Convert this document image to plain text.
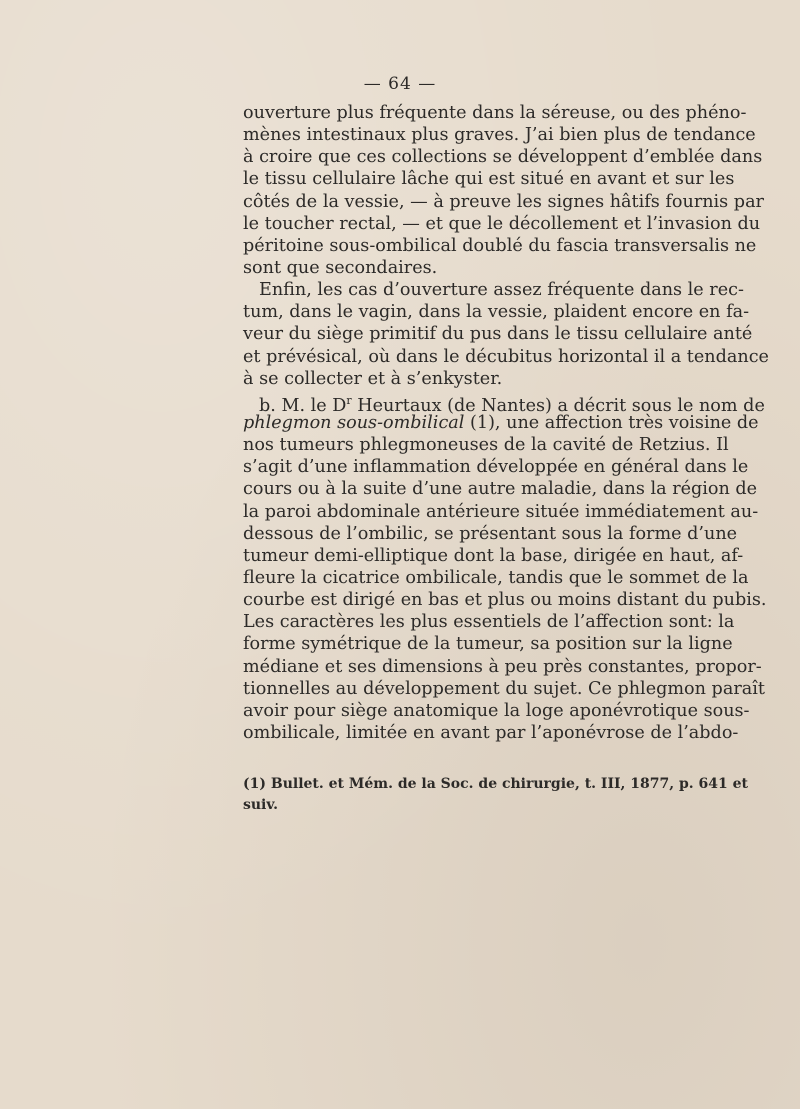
— 64 —
ouverture plus fréquente dans la séreuse, ou des phéno-
mènes intestinaux plus graves. J’ai bien plus de tendance
à croire que ces collections se développent d’emblée dans
le tissu cellulaire lâche qui est situé en avant et sur les
côtés de la vessie, — à preuve les signes hâtifs fournis par
le toucher rectal, — et que le décollement et l’invasion du
péritoine sous-ombilical doublé du fascia transversalis ne
sont que secondaires.
Enfin, les cas d’ouverture assez fréquente dans le rec-
tum, dans le vagin, dans la vessie, plaident encore en fa-
veur du siège primitif du pus dans le tissu cellulaire anté
et prévésical, où dans le décubitus horizontal il a tendance
à se collecter et à s’enkyster.
b. M. le $D^r$ Heurtaux (de Nantes) a décrit sous le nom de
phlegmon sous-ombilical (1), une affection très voisine de
nos tumeurs phlegmoneuses de la cavité de Retzius. Il
s’agit d’une inflammation développée en général dans le
cours ou à la suite d’une autre maladie, dans la région de
la paroi abdominale antérieure située immédiatement au-
dessous de l’ombilic, se présentant sous la forme d’une
tumeur demi-elliptique dont la base, dirigée en haut, af-
fleure la cicatrice ombilicale, tandis que le sommet de la
courbe est dirigé en bas et plus ou moins distant du pubis.
Les caractères les plus essentiels de l’affection sont: la
forme symétrique de la tumeur, sa position sur la ligne
médiane et ses dimensions à peu près constantes, propor-
tionnelles au développement du sujet. Ce phlegmon paraît
avoir pour siège anatomique la loge aponévrotique sous-
ombilicale, limitée en avant par l’aponévrose de l’abdo-
(1) Bullet. et Mém. de la Soc. de chirurgie, t. III, 1877, p. 641 et
suiv.
